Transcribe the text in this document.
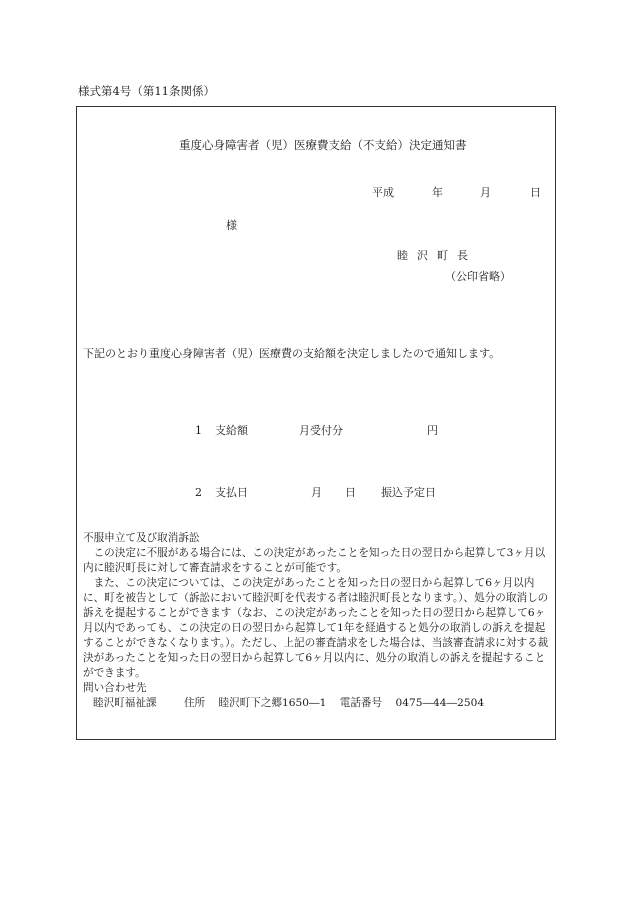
様式第4号（第11条関係）
重度心身障害者（児）医療費支給（不支給）決定通知書
平成	年	月	日
様
睦沢町長
（公印省略）
下記のとおり重度心身障害者（児）医療費の支給額を決定しましたので通知します。
1 支給額	月受付分	円
2 支払日	月 日 振込予定日

不服申立て及び取消訴訟

この決定に不服がある場合には、この決定があったことを知った日の翌日から起算して3ヶ月以内に睦沢町長に対して審査請求をすることが可能です。

また、この決定については、この決定があったことを知った日の翌日から起算して6ヶ月以内に、町を被告として（訴訟において睦沢町を代表する者は睦沢町長となります。）、処分の取消しの訴えを提起することができます（なお、この決定があったことを知った日の翌日から起算して6ヶ月以内であっても、この決定の日の翌日から起算して1年を経過すると処分の取消しの訴えを提起することができなくなります。）。ただし、上記の審査請求をした場合は、当該審査請求に対する裁決があったことを知った日の翌日から起算して6ヶ月以内に、処分の取消しの訴えを提起することができます。

問い合わせ先

睦沢町福祉課	住所 睦沢町下之郷1650―1 電話番号 0475―44―2504
